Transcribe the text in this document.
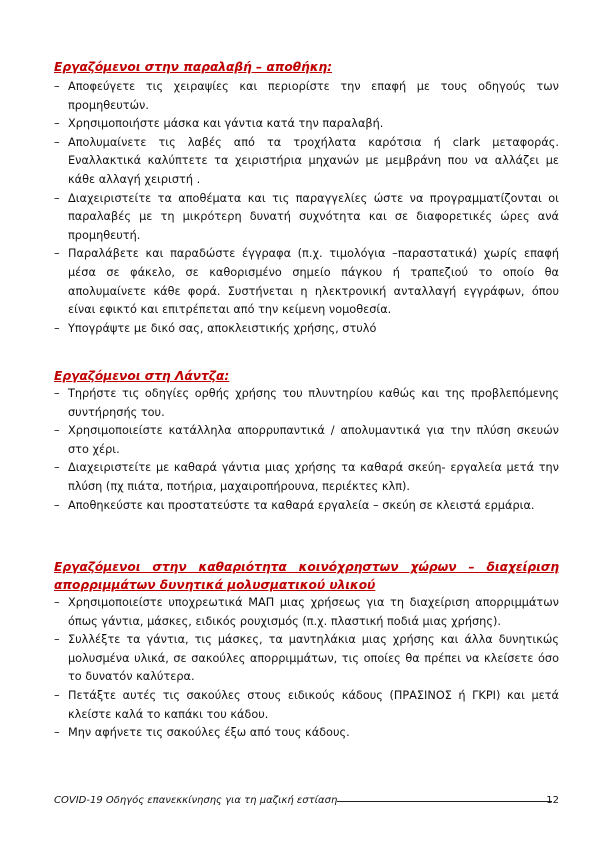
Εργαζόμενοι στην παραλαβή – αποθήκη:
– Αποφεύγετε τις χειραψίες και περιορίστε την επαφή με τους οδηγούς των προμηθευτών.
– Χρησιμοποιήστε μάσκα και γάντια κατά την παραλαβή.
– Απολυμαίνετε τις λαβές από τα τροχήλατα καρότσια ή clark μεταφοράς. Εναλλακτικά καλύπτετε τα χειριστήρια μηχανών με μεμβράνη που να αλλάζει με κάθε αλλαγή χειριστή .
– Διαχειριστείτε τα αποθέματα και τις παραγγελίες ώστε να προγραμματίζονται οι παραλαβές με τη μικρότερη δυνατή συχνότητα και σε διαφορετικές ώρες ανά προμηθευτή.
– Παραλάβετε και παραδώστε έγγραφα (π.χ. τιμολόγια –παραστατικά) χωρίς επαφή μέσα σε φάκελο, σε καθορισμένο σημείο πάγκου ή τραπεζιού το οποίο θα απολυμαίνετε κάθε φορά. Συστήνεται η ηλεκτρονική ανταλλαγή εγγράφων, όπου είναι εφικτό και επιτρέπεται από την κείμενη νομοθεσία.
– Υπογράψτε με δικό σας, αποκλειστικής χρήσης, στυλό
Εργαζόμενοι στη Λάντζα:
– Τηρήστε τις οδηγίες ορθής χρήσης του πλυντηρίου καθώς και της προβλεπόμενης συντήρησής του.
– Χρησιμοποιείστε κατάλληλα απορρυπαντικά / απολυμαντικά για την πλύση σκευών στο χέρι.
– Διαχειριστείτε με καθαρά γάντια μιας χρήσης τα καθαρά σκεύη- εργαλεία μετά την πλύση (πχ πιάτα, ποτήρια, μαχαιροπήρουνα, περιέκτες κλπ).
– Αποθηκεύστε και προστατεύστε τα καθαρά εργαλεία – σκεύη σε κλειστά ερμάρια.
Εργαζόμενοι στην καθαριότητα κοινόχρηστων χώρων – διαχείριση απορριμμάτων δυνητικά μολυσματικού υλικού
– Χρησιμοποιείστε υποχρεωτικά ΜΑΠ μιας χρήσεως για τη διαχείριση απορριμμάτων όπως γάντια, μάσκες, ειδικός ρουχισμός (π.χ. πλαστική ποδιά μιας χρήσης).
– Συλλέξτε τα γάντια, τις μάσκες, τα μαντηλάκια μιας χρήσης και άλλα δυνητικώς μολυσμένα υλικά, σε σακούλες απορριμμάτων, τις οποίες θα πρέπει να κλείσετε όσο το δυνατόν καλύτερα.
– Πετάξτε αυτές τις σακούλες στους ειδικούς κάδους (ΠΡΑΣΙΝΟΣ ή ΓΚΡΙ) και μετά κλείστε καλά το καπάκι του κάδου.
– Μην αφήνετε τις σακούλες έξω από τους κάδους.
COVID-19 Οδηγός επανεκκίνησης για τη μαζική εστίαση	12
